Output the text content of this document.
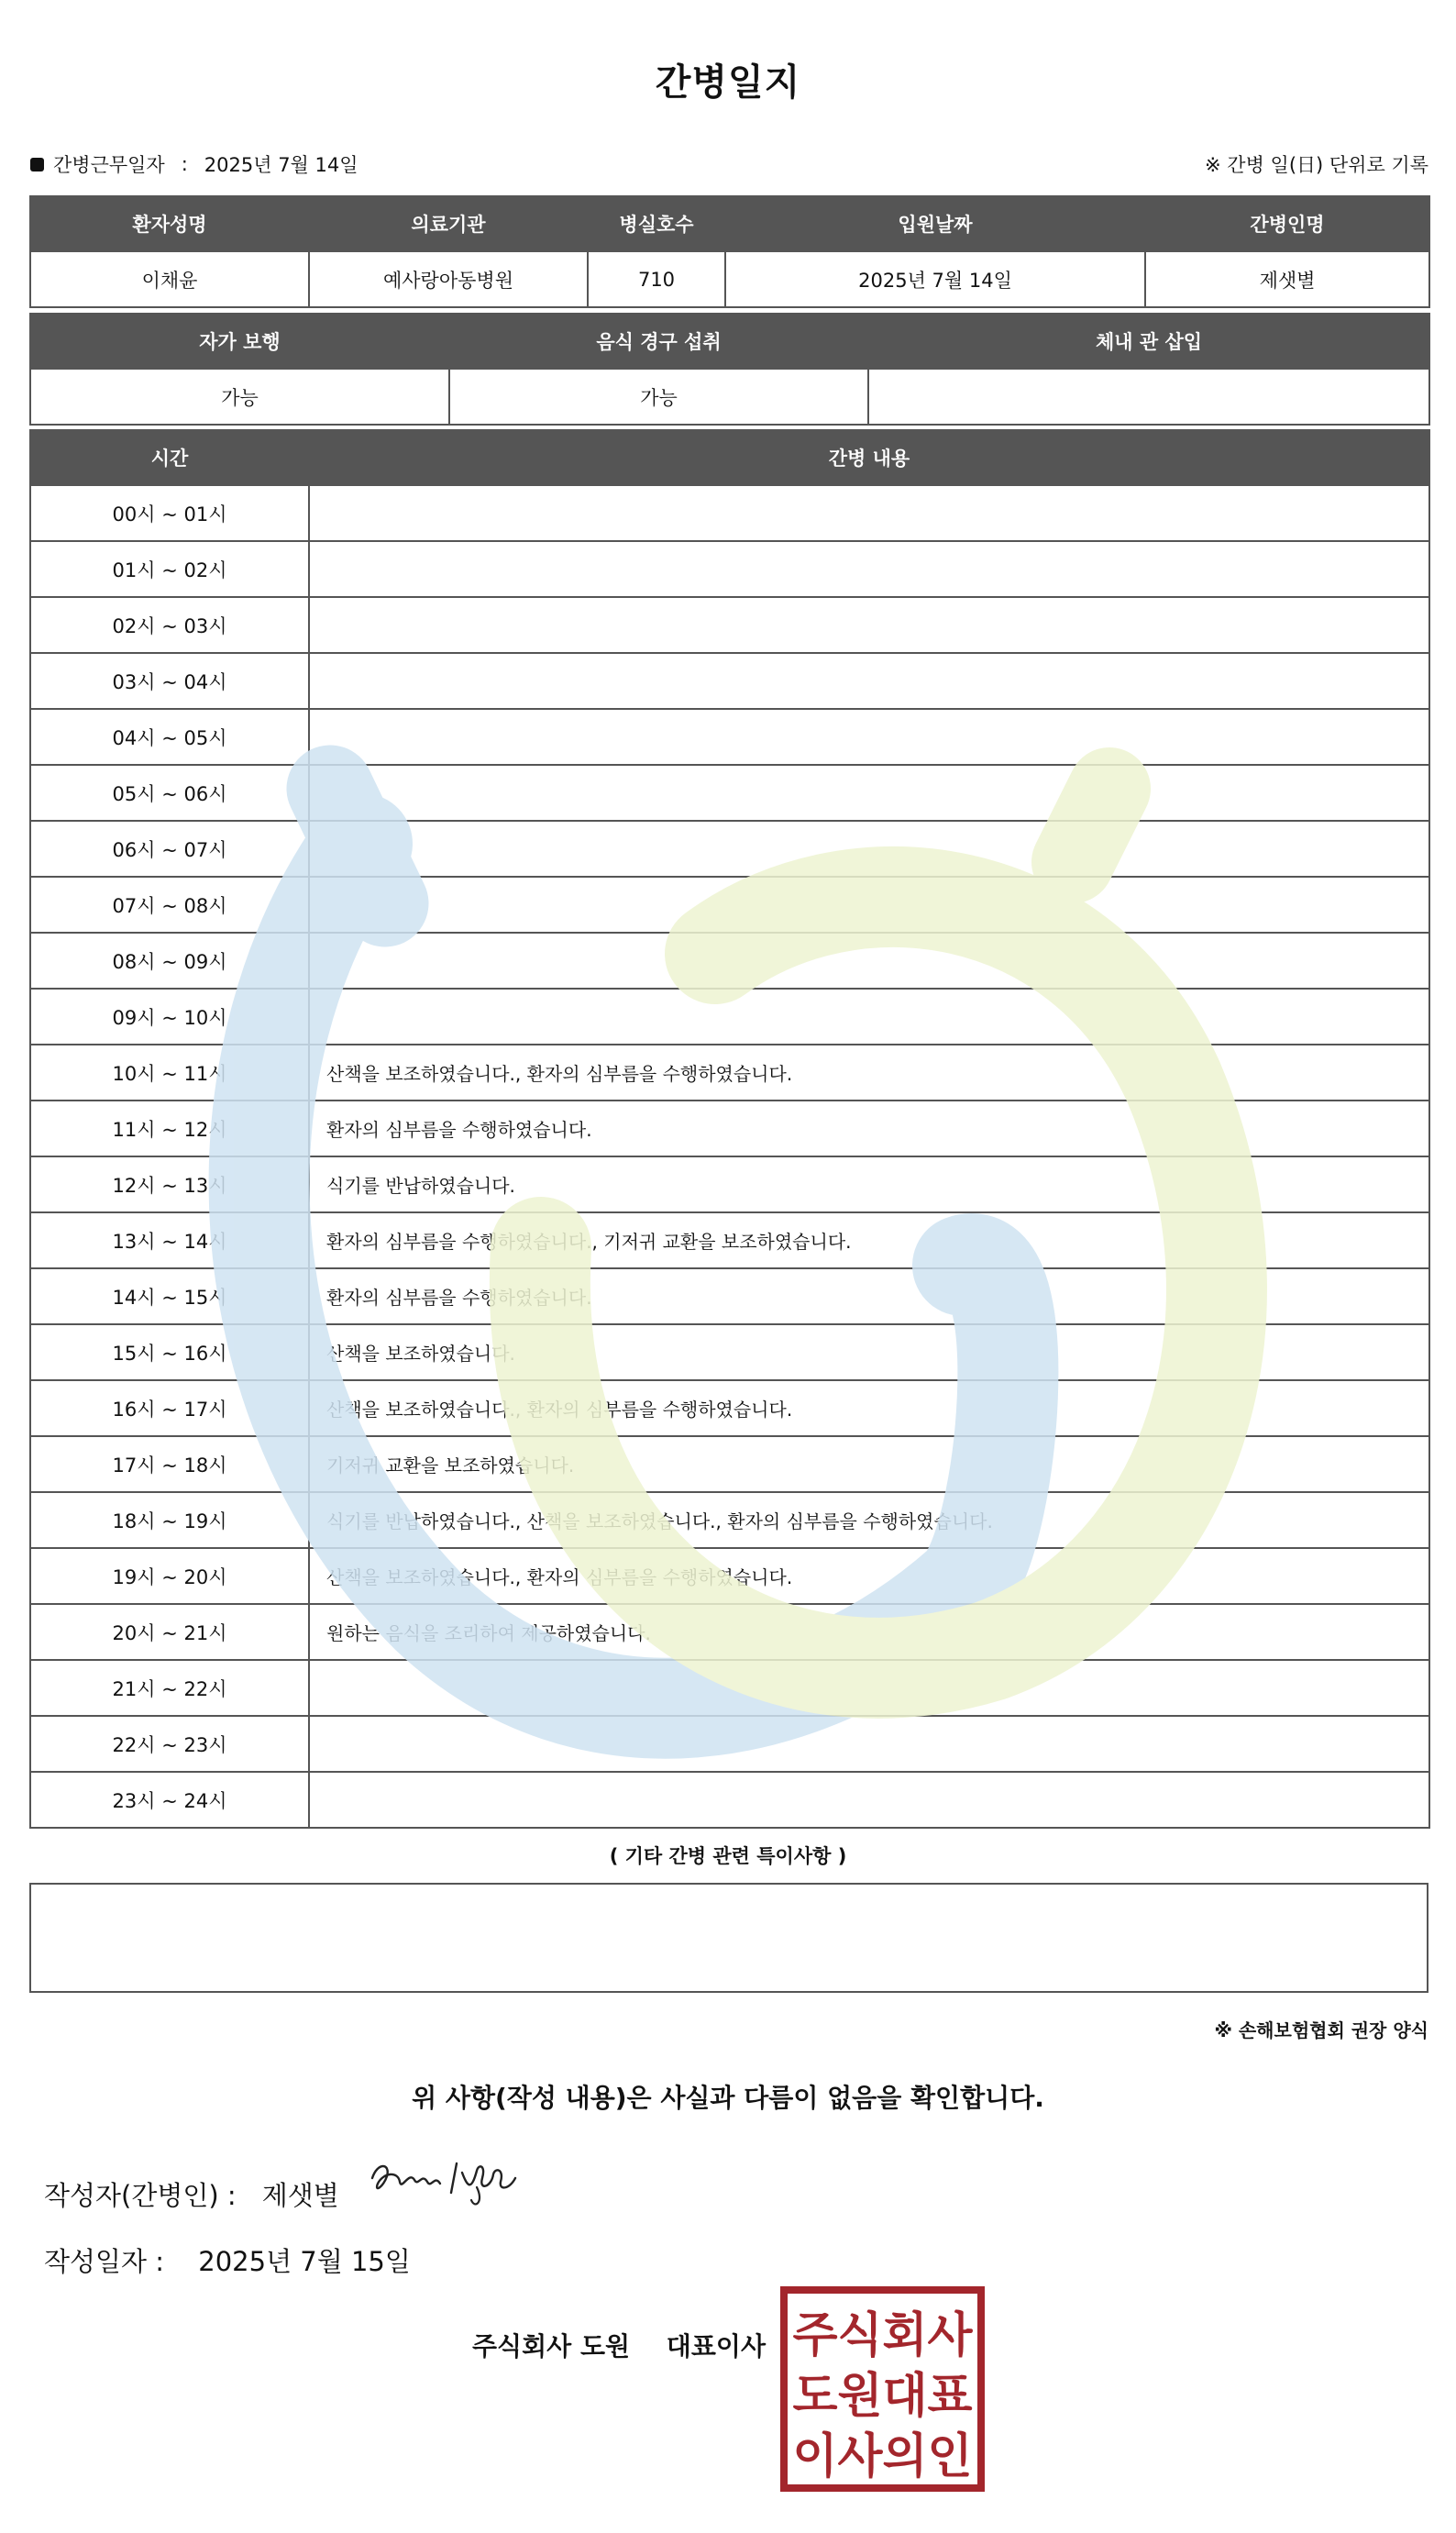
간병일지
간병근무일자 : 2025년 7월 14일	※ 간병 일(日) 단위로 기록
환자성명	의료기관	병실호수	입원날짜	간병인명
이채윤	예사랑아동병원	710	2025년 7월 14일	제샛별
자가 보행	음식 경구 섭취	체내 관 삽입
가능	가능	
시간	간병 내용
00시 ~ 01시	
01시 ~ 02시	
02시 ~ 03시	
03시 ~ 04시	
04시 ~ 05시	
05시 ~ 06시	
06시 ~ 07시	
07시 ~ 08시	
08시 ~ 09시	
09시 ~ 10시	
10시 ~ 11시	산책을 보조하였습니다., 환자의 심부름을 수행하였습니다.
11시 ~ 12시	환자의 심부름을 수행하였습니다.
12시 ~ 13시	식기를 반납하였습니다.
13시 ~ 14시	환자의 심부름을 수행하였습니다., 기저귀 교환을 보조하였습니다.
14시 ~ 15시	환자의 심부름을 수행하였습니다.
15시 ~ 16시	산책을 보조하였습니다.
16시 ~ 17시	산책을 보조하였습니다., 환자의 심부름을 수행하였습니다.
17시 ~ 18시	기저귀 교환을 보조하였습니다.
18시 ~ 19시	식기를 반납하였습니다., 산책을 보조하였습니다., 환자의 심부름을 수행하였습니다.
19시 ~ 20시	산책을 보조하였습니다., 환자의 심부름을 수행하였습니다.
20시 ~ 21시	원하는 음식을 조리하여 제공하였습니다.
21시 ~ 22시	
22시 ~ 23시	
23시 ~ 24시	
( 기타 간병 관련 특이사항 )
※ 손해보험협회 권장 양식
위 사항(작성 내용)은 사실과 다름이 없음을 확인합니다.
작성자(간병인) : 제샛별
작성일자 : 2025년 7월 15일
주식회사 도원 대표이사 주식회사
도원대표
이사의인
